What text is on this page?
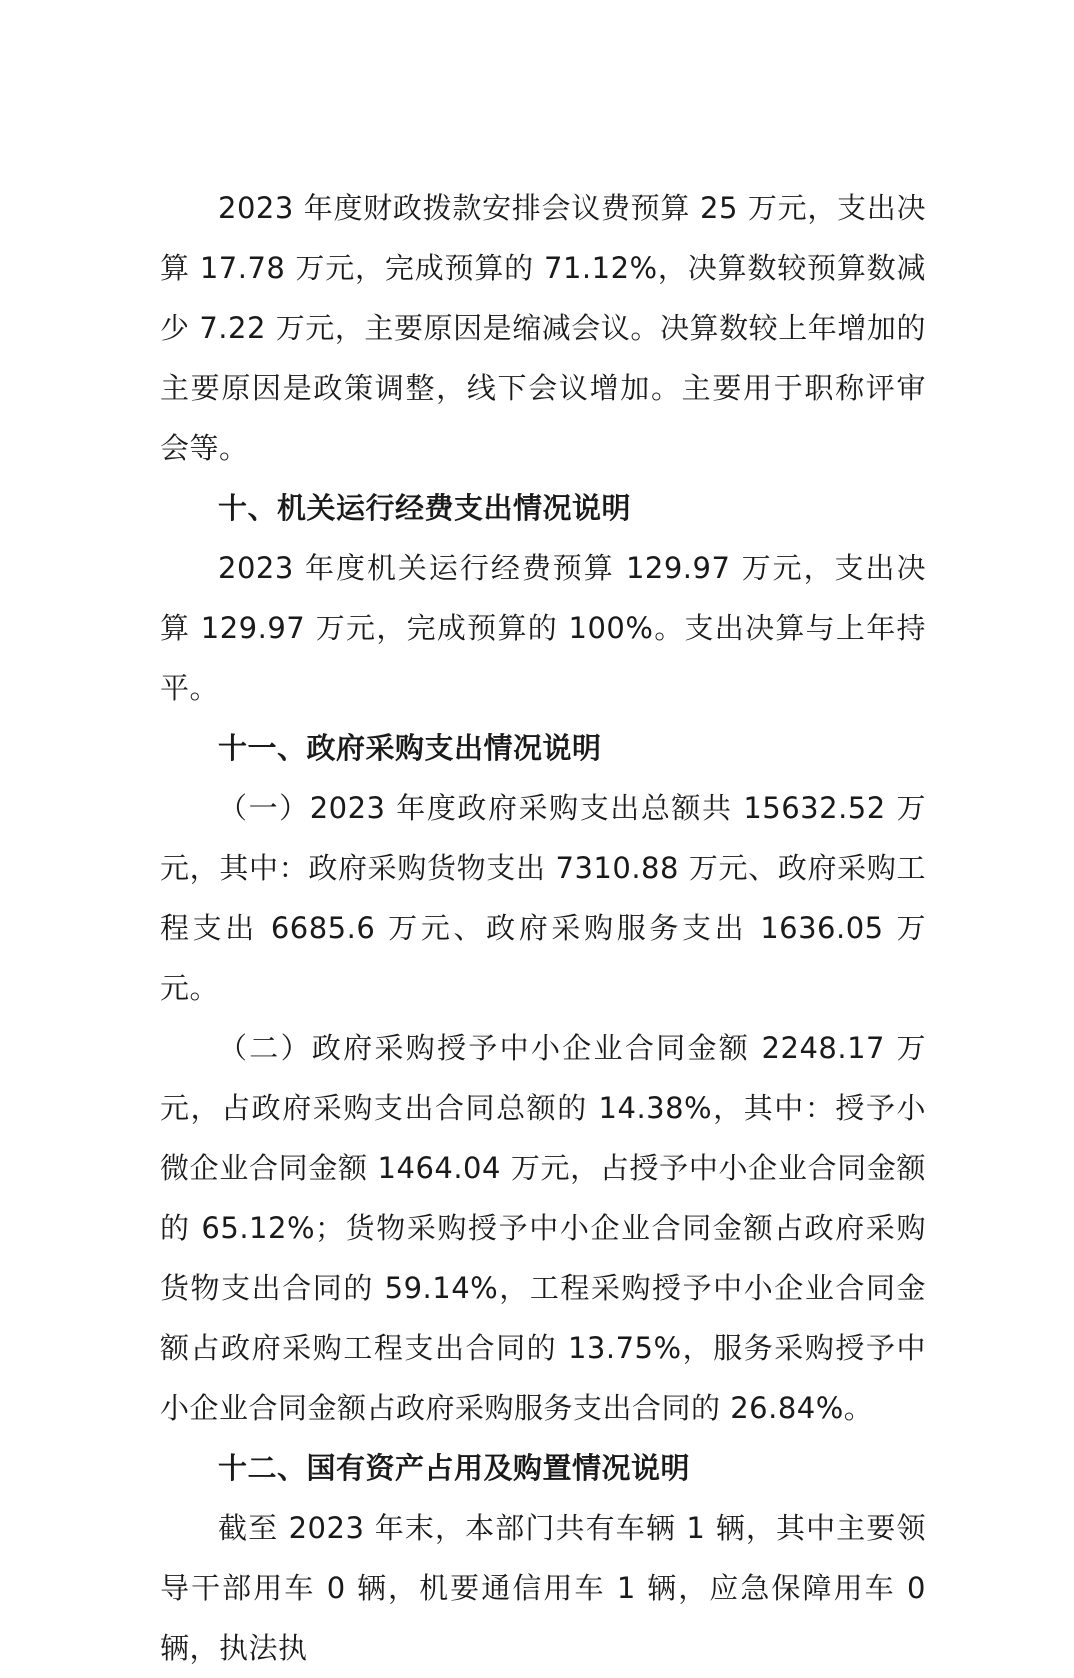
2023 年度财政拨款安排会议费预算 25 万元，支出决算 17.78 万元，完成预算的 71.12%，决算数较预算数减少 7.22 万元，主要原因是缩减会议。决算数较上年增加的主要原因是政策调整，线下会议增加。主要用于职称评审会等。

十、机关运行经费支出情况说明

2023 年度机关运行经费预算 129.97 万元，支出决算 129.97 万元，完成预算的 100%。支出决算与上年持平。

十一、政府采购支出情况说明

（一）2023 年度政府采购支出总额共 15632.52 万元，其中：政府采购货物支出 7310.88 万元、政府采购工程支出 6685.6 万元、政府采购服务支出 1636.05 万元。

（二）政府采购授予中小企业合同金额 2248.17 万元，占政府采购支出合同总额的 14.38%，其中：授予小微企业合同金额 1464.04 万元，占授予中小企业合同金额的 65.12%；货物采购授予中小企业合同金额占政府采购货物支出合同的 59.14%，工程采购授予中小企业合同金额占政府采购工程支出合同的 13.75%，服务采购授予中小企业合同金额占政府采购服务支出合同的 26.84%。

十二、国有资产占用及购置情况说明

截至 2023 年末，本部门共有车辆 1 辆，其中主要领导干部用车 0 辆，机要通信用车 1 辆，应急保障用车 0 辆，执法执
